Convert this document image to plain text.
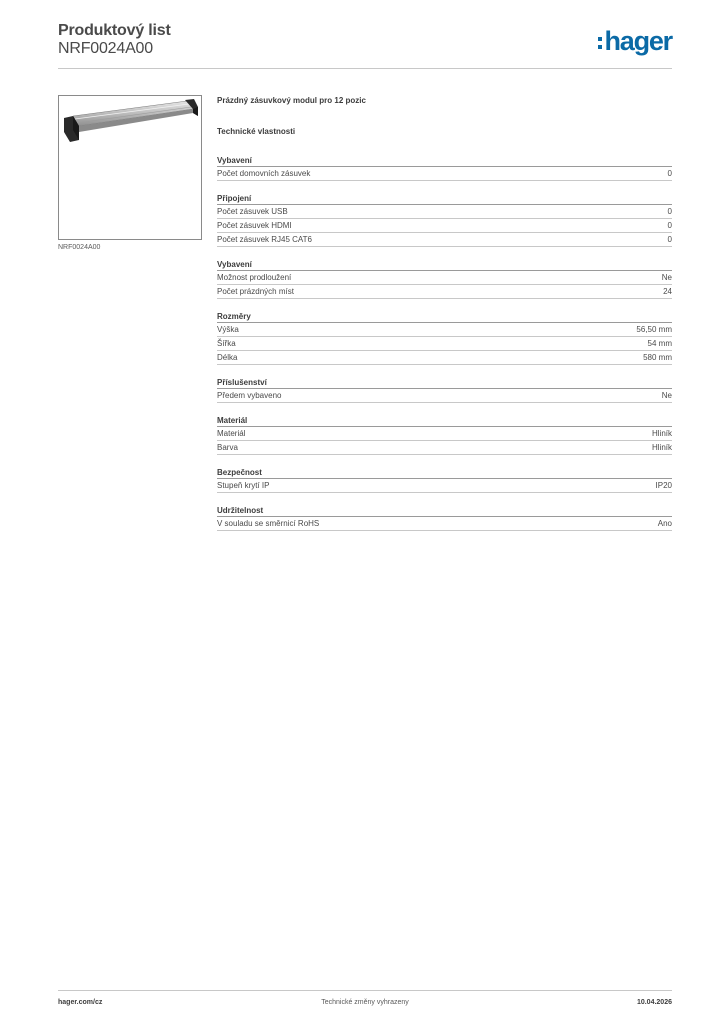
Produktový list
NRF0024A00	hager
NRF0024A00
Prázdný zásuvkový modul pro 12 pozic
Technické vlastnosti
Vybavení
Počet domovních zásuvek	0
Připojení
Počet zásuvek USB	0
Počet zásuvek HDMI	0
Počet zásuvek RJ45 CAT6	0
Vybavení
Možnost prodloužení	Ne
Počet prázdných míst	24
Rozměry
Výška	56,50 mm
Šířka	54 mm
Délka	580 mm
Příslušenství
Předem vybaveno	Ne
Materiál
Materiál	Hliník
Barva	Hliník
Bezpečnost
Stupeň krytí IP	IP20
Udržitelnost
V souladu se směrnicí RoHS	Ano
hager.com/cz	Technické změny vyhrazeny	10.04.2026
